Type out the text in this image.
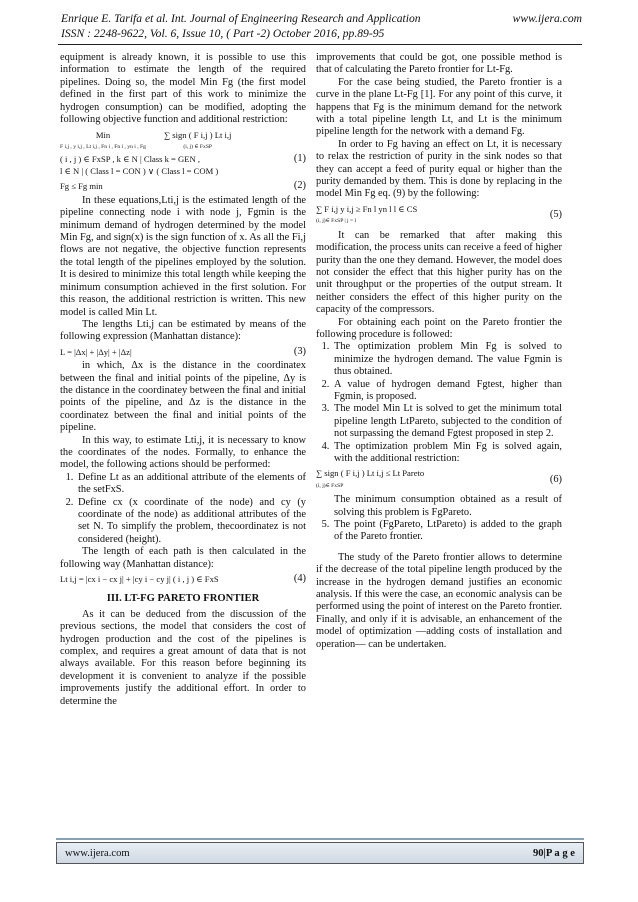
Enrique E. Tarifa et al. Int. Journal of Engineering Research and Application	www.ijera.com
ISSN : 2248-9622, Vol. 6, Issue 10, ( Part -2) October 2016, pp.89-95

equipment is already known, it is possible to use this information to estimate the length of the required pipelines. Doing so, the model Min Fg (the first model defined in the first part of this work to minimize the hydrogen consumption) can be modified, adopting the following objective function and additional restriction:

Min
F i,j , y i,j , Lt i,j , Fn i , Fn i , yn i , Fg
∑ sign ( F i,j ) Lt i,j
(i, j) ∈ FxSP
( i , j ) ∈ FxSP , k ∈ N | Class k = GEN ,	(1)
l ∈ N | ( Class l = CON ) ∨ ( Class l = COM )
Fg ≤ Fg min	(2)

In these equations,Lti,j is the estimated length of the pipeline connecting node i with node j, Fgmin is the minimum demand of hydrogen determined by the model Min Fg, and sign(x) is the sign function of x. As all the Fi,j flows are not negative, the objective function represents the total length of the pipelines employed by the solution. It is desired to minimize this total length while keeping the minimum consumption achieved in the first solution. For this reason, the additional restriction is written. This new model is called Min Lt.

The lengths Lti,j can be estimated by means of the following expression (Manhattan distance):

L = |Δx| + |Δy| + |Δz|	(3)

in which, Δx is the distance in the coordinatex between the final and initial points of the pipeline, Δy is the distance in the coordinatey between the final and initial points of the pipeline, and Δz is the distance in the coordinatez between the final and initial points of the pipeline.

In this way, to estimate Lti,j, it is necessary to know the coordinates of the nodes. Formally, to enhance the model, the following actions should be performed:

1. Define Lt as an additional attribute of the elements of the setFxS.
2. Define cx (x coordinate of the node) and cy (y coordinate of the node) as additional attributes of the set N. To simplify the problem, thecoordinatez is not considered (height).

The length of each path is then calculated in the following way (Manhattan distance):

Lt i,j = |cx i − cx j| + |cy i − cy j| ( i , j ) ∈ FxS	(4)
III. LT-FG PARETO FRONTIER

As it can be deduced from the discussion of the previous sections, the model that considers the cost of hydrogen production and the cost of the pipelines is complex, and requires a great amount of data that is not always available. For this reason before beginning its development it is convenient to analyze if the possible improvements justify the additional effort. In order to determine the

improvements that could be got, one possible method is that of calculating the Pareto frontier for Lt-Fg.

For the case being studied, the Pareto frontier is a curve in the plane Lt-Fg [1]. For any point of this curve, it happens that Fg is the minimum demand for the network with a total pipeline length Lt, and Lt is the minimum pipeline length for the network with a demand Fg.

In order to Fg having an effect on Lt, it is necessary to relax the restriction of purity in the sink nodes so that they can accept a feed of purity equal or higher than the purity demanded by them. This is done by replacing in the model Min Fg eq. (9) by the following:

∑ F i,j y i,j ≥ Fn l yn l l ∈ CS
(i, j)∈ FxSP | j = l
(5)

It can be remarked that after making this modification, the process units can receive a feed of higher purity than the one they demand. However, the model does not consider the effect that this higher purity has on the unit throughput or the properties of the output stream. It neither considers the effect of this higher purity on the capacity of the compressors.

For obtaining each point on the Pareto frontier the following procedure is followed:

1. The optimization problem Min Fg is solved to minimize the hydrogen demand. The value Fgmin is thus obtained.
2. A value of hydrogen demand Fgtest, higher than Fgmin, is proposed.
3. The model Min Lt is solved to get the minimum total pipeline length LtPareto, subjected to the condition of not surpassing the demand Fgtest proposed in step 2.
4. The optimization problem Min Fg is solved again, with the additional restriction:
∑ sign ( F i,j ) Lt i,j ≤ Lt Pareto
(i, j)∈ FxSP
(6)

The minimum consumption obtained as a result of solving this problem is FgPareto.

5. The point (FgPareto, LtPareto) is added to the graph of the Pareto frontier.

The study of the Pareto frontier allows to determine if the decrease of the total pipeline length produced by the increase in the hydrogen demand justifies an economic analysis. If this were the case, an economic analysis can be performed using the point of interest on the Pareto frontier. Finally, and only if it is advisable, an enhancement of the model of optimization ―adding costs of installation and operation― can be undertaken.

www.ijera.com	90|P a g e
